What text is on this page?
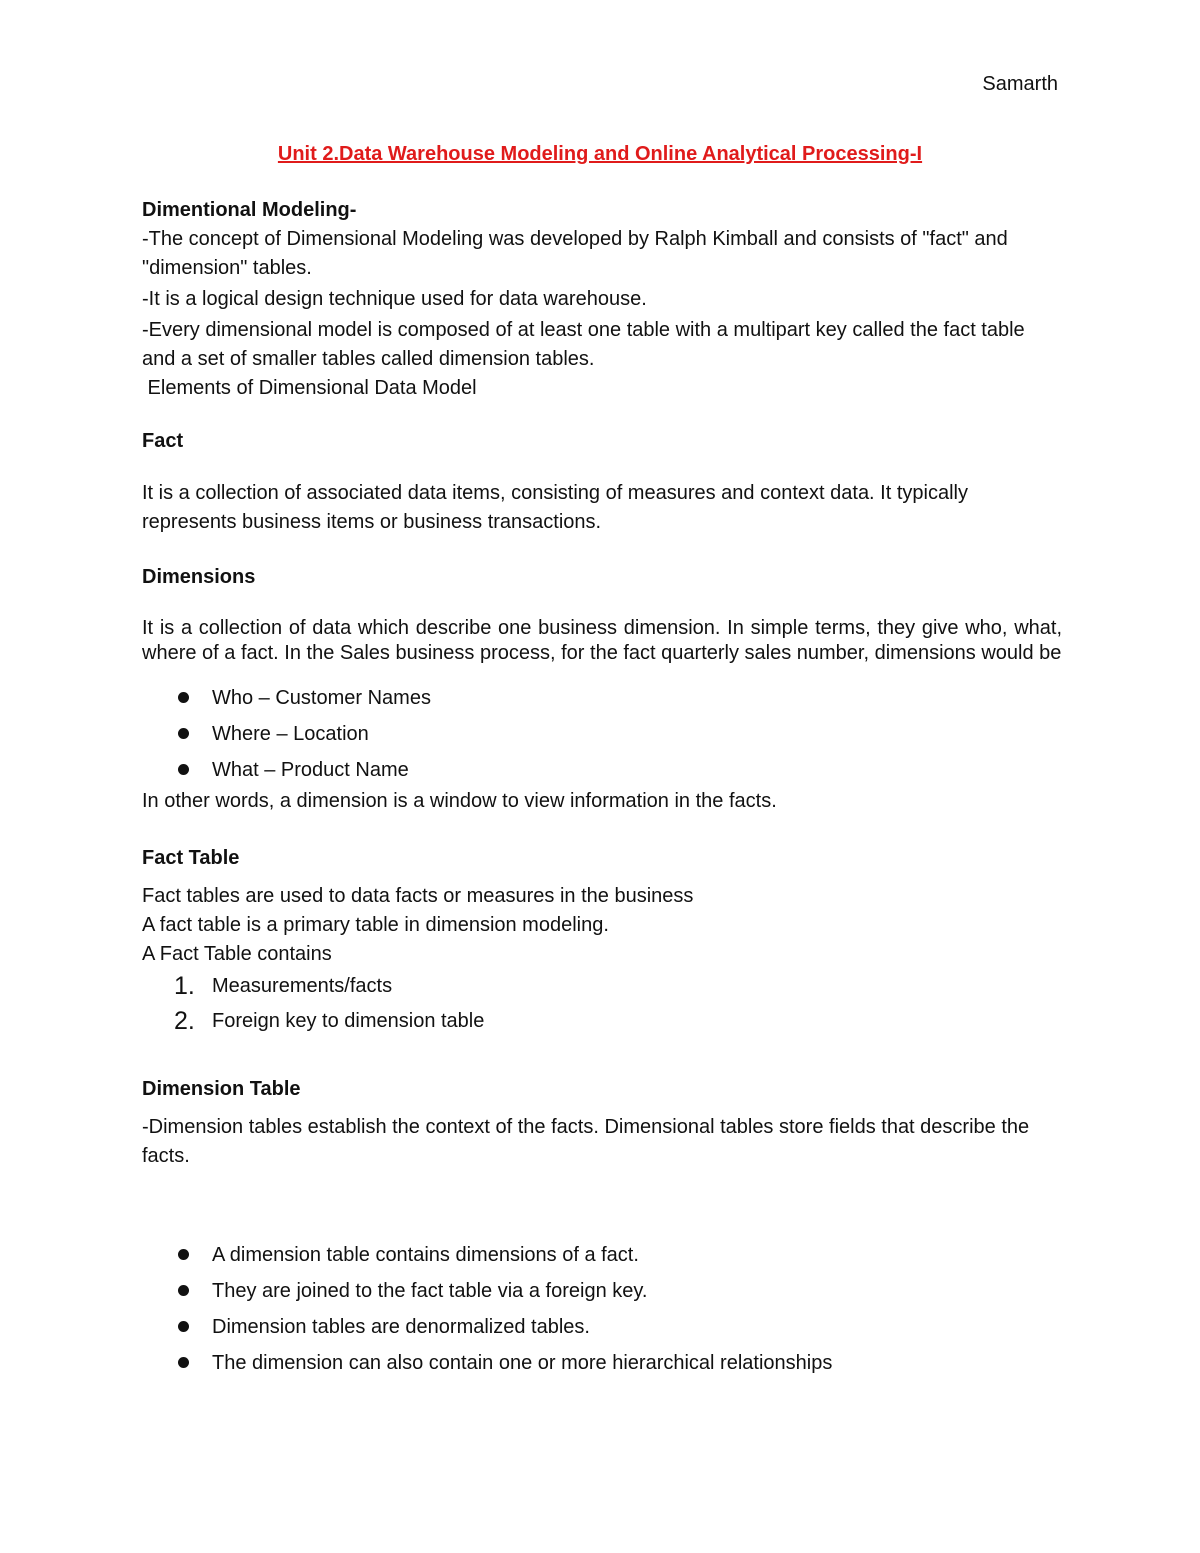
Samarth
Unit 2.Data Warehouse Modeling and Online Analytical Processing-I

Dimentional Modeling-

-The concept of Dimensional Modeling was developed by Ralph Kimball and consists of "fact" and "dimension" tables.

-It is a logical design technique used for data warehouse.

-Every dimensional model is composed of at least one table with a multipart key called the fact table and a set of smaller tables called dimension tables.

Elements of Dimensional Data Model

Fact

It is a collection of associated data items, consisting of measures and context data. It typically represents business items or business transactions.

Dimensions

It is a collection of data which describe one business dimension. In simple terms, they give who, what, where of a fact. In the Sales business process, for the fact quarterly sales number, dimensions would be

Who – Customer Names
Where – Location
What – Product Name

In other words, a dimension is a window to view information in the facts.

Fact Table

Fact tables are used to data facts or measures in the business

A fact table is a primary table in dimension modeling.

A Fact Table contains

1. Measurements/facts
2. Foreign key to dimension table

Dimension Table

-Dimension tables establish the context of the facts. Dimensional tables store fields that describe the facts.

A dimension table contains dimensions of a fact.
They are joined to the fact table via a foreign key.
Dimension tables are denormalized tables.
The dimension can also contain one or more hierarchical relationships
